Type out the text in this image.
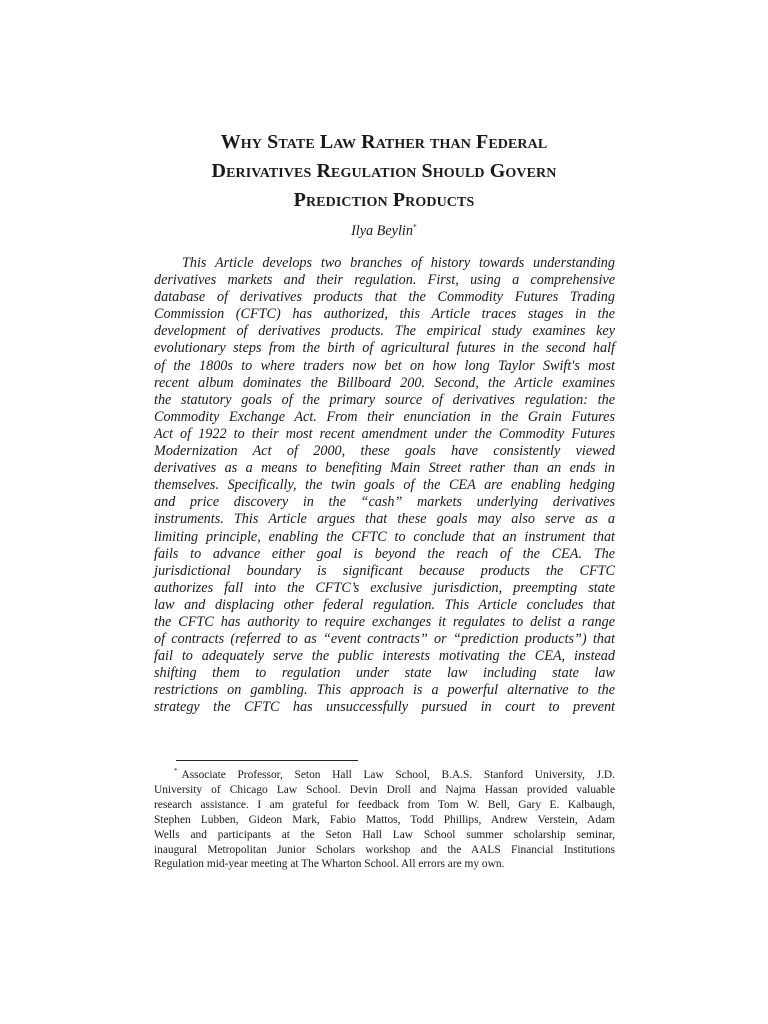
Why State Law Rather than Federal
Derivatives Regulation Should Govern
Prediction Products
Ilya Beylin*
This Article develops two branches of history towards understanding
derivatives markets and their regulation. First, using a comprehensive
database of derivatives products that the Commodity Futures Trading
Commission (CFTC) has authorized, this Article traces stages in the
development of derivatives products. The empirical study examines key
evolutionary steps from the birth of agricultural futures in the second half
of the 1800s to where traders now bet on how long Taylor Swift's most
recent album dominates the Billboard 200. Second, the Article examines
the statutory goals of the primary source of derivatives regulation: the
Commodity Exchange Act. From their enunciation in the Grain Futures
Act of 1922 to their most recent amendment under the Commodity Futures
Modernization Act of 2000, these goals have consistently viewed
derivatives as a means to benefiting Main Street rather than an ends in
themselves. Specifically, the twin goals of the CEA are enabling hedging
and price discovery in the “cash” markets underlying derivatives
instruments. This Article argues that these goals may also serve as a
limiting principle, enabling the CFTC to conclude that an instrument that
fails to advance either goal is beyond the reach of the CEA. The
jurisdictional boundary is significant because products the CFTC
authorizes fall into the CFTC’s exclusive jurisdiction, preempting state
law and displacing other federal regulation. This Article concludes that
the CFTC has authority to require exchanges it regulates to delist a range
of contracts (referred to as “event contracts” or “prediction products”) that
fail to adequately serve the public interests motivating the CEA, instead
shifting them to regulation under state law including state law
restrictions on gambling. This approach is a powerful alternative to the
strategy the CFTC has unsuccessfully pursued in court to prevent
* Associate Professor, Seton Hall Law School, B.A.S. Stanford University, J.D.
University of Chicago Law School. Devin Droll and Najma Hassan provided valuable
research assistance. I am grateful for feedback from Tom W. Bell, Gary E. Kalbaugh,
Stephen Lubben, Gideon Mark, Fabio Mattos, Todd Phillips, Andrew Verstein, Adam
Wells and participants at the Seton Hall Law School summer scholarship seminar,
inaugural Metropolitan Junior Scholars workshop and the AALS Financial Institutions
Regulation mid-year meeting at The Wharton School. All errors are my own.
